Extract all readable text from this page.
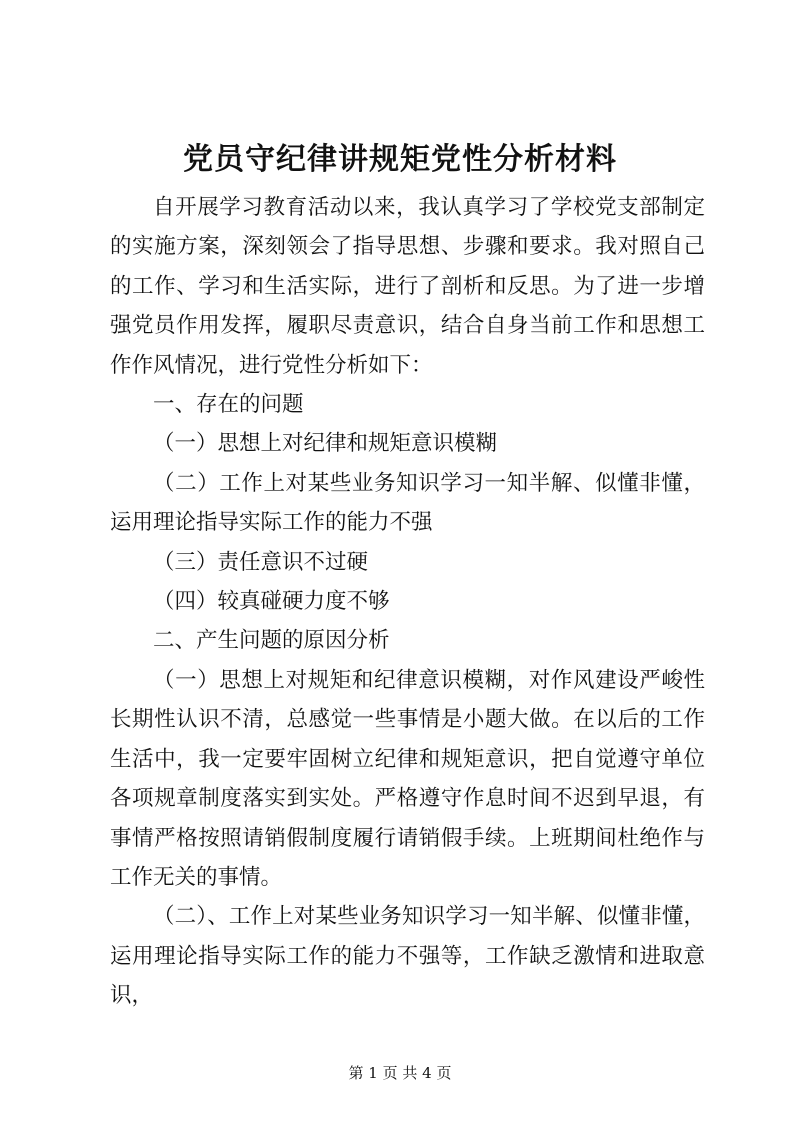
党员守纪律讲规矩党性分析材料

自开展学习教育活动以来，我认真学习了学校党支部制定的实施方案，深刻领会了指导思想、步骤和要求。我对照自己的工作、学习和生活实际，进行了剖析和反思。为了进一步增强党员作用发挥，履职尽责意识，结合自身当前工作和思想工作作风情况，进行党性分析如下：

一、存在的问题

（一）思想上对纪律和规矩意识模糊

（二）工作上对某些业务知识学习一知半解、似懂非懂，运用理论指导实际工作的能力不强

（三）责任意识不过硬

（四）较真碰硬力度不够

二、产生问题的原因分析

（一）思想上对规矩和纪律意识模糊，对作风建设严峻性长期性认识不清，总感觉一些事情是小题大做。在以后的工作生活中，我一定要牢固树立纪律和规矩意识，把自觉遵守单位各项规章制度落实到实处。严格遵守作息时间不迟到早退，有事情严格按照请销假制度履行请销假手续。上班期间杜绝作与工作无关的事情。

（二）、工作上对某些业务知识学习一知半解、似懂非懂，运用理论指导实际工作的能力不强等，工作缺乏激情和进取意识，

第 1 页 共 4 页
